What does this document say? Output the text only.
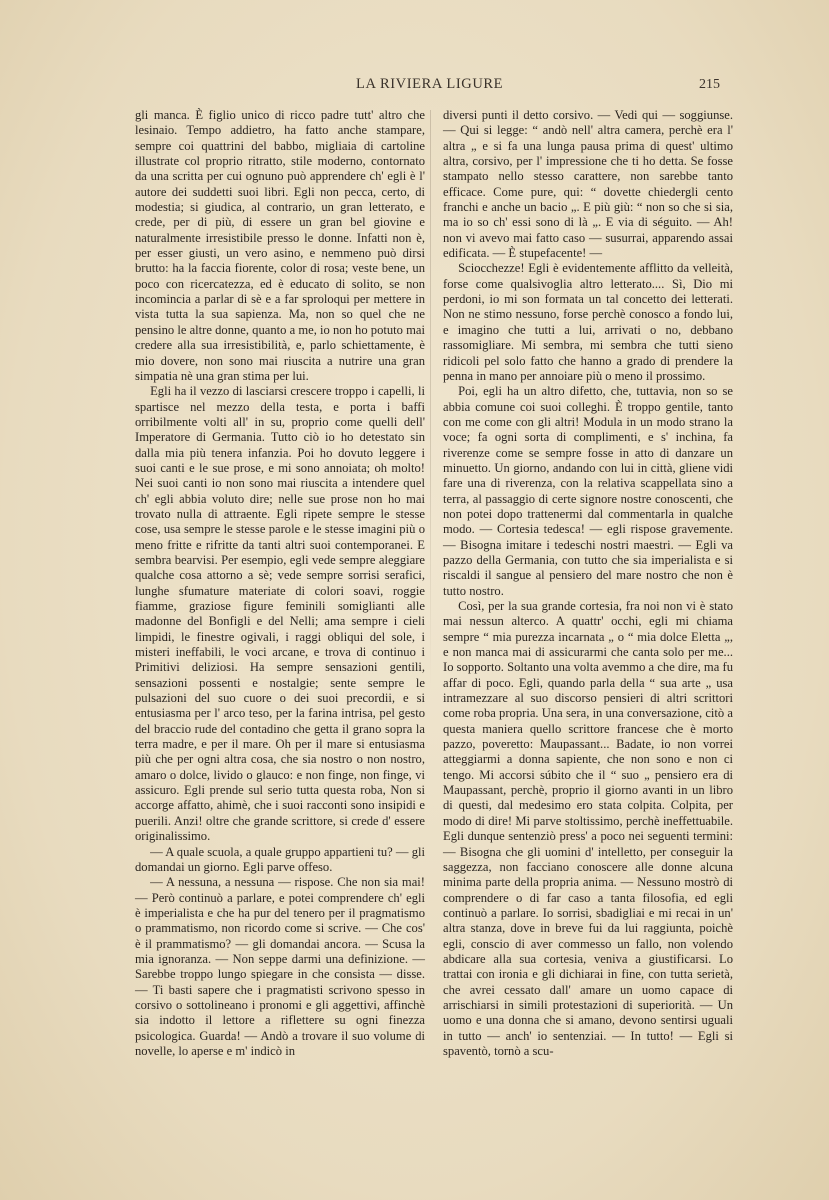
LA RIVIERA LIGURE	215

gli manca. È figlio unico di ricco padre tutt' altro che lesinaio. Tempo addietro, ha fatto anche stampare, sempre coi quattrini del babbo, migliaia di cartoline illustrate col proprio ritratto, stile moderno, contornato da una scritta per cui ognuno può apprendere ch' egli è l' autore dei suddetti suoi libri. Egli non pecca, certo, di modestia; si giudica, al contrario, un gran letterato, e crede, per di più, di essere un gran bel giovine e naturalmente irresistibile presso le donne. Infatti non è, per esser giusti, un vero asino, e nemmeno può dirsi brutto: ha la faccia fiorente, color di rosa; veste bene, un poco con ricercatezza, ed è educato di solito, se non incomincia a parlar di sè e a far sproloqui per mettere in vista tutta la sua sapienza. Ma, non so quel che ne pensino le altre donne, quanto a me, io non ho potuto mai credere alla sua irresistibilità, e, parlo schiettamente, è mio dovere, non sono mai riuscita a nutrire una gran simpatia nè una gran stima per lui.

Egli ha il vezzo di lasciarsi crescere troppo i capelli, li spartisce nel mezzo della testa, e porta i baffi orribilmente volti all' in su, proprio come quelli dell' Imperatore di Germania. Tutto ciò io ho detestato sin dalla mia più tenera infanzia. Poi ho dovuto leggere i suoi canti e le sue prose, e mi sono annoiata; oh molto! Nei suoi canti io non sono mai riuscita a intendere quel ch' egli abbia voluto dire; nelle sue prose non ho mai trovato nulla di attraente. Egli ripete sempre le stesse cose, usa sempre le stesse parole e le stesse imagini più o meno fritte e rifritte da tanti altri suoi contemporanei. E sembra bearvisi. Per esempio, egli vede sempre aleggiare qualche cosa attorno a sè; vede sempre sorrisi serafici, lunghe sfumature materiate di colori soavi, roggie fiamme, graziose figure feminili somiglianti alle madonne del Bonfigli e del Nelli; ama sempre i cieli limpidi, le finestre ogivali, i raggi obliqui del sole, i misteri ineffabili, le voci arcane, e trova di continuo i Primitivi deliziosi. Ha sempre sensazioni gentili, sensazioni possenti e nostalgie; sente sempre le pulsazioni del suo cuore o dei suoi precordii, e si entusiasma per l' arco teso, per la farina intrisa, pel gesto del braccio rude del contadino che getta il grano sopra la terra madre, e per il mare. Oh per il mare si entusiasma più che per ogni altra cosa, che sia nostro o non nostro, amaro o dolce, livido o glauco: e non finge, non finge, vi assicuro. Egli prende sul serio tutta questa roba, Non si accorge affatto, ahimè, che i suoi racconti sono insipidi e puerili. Anzi! oltre che grande scrittore, si crede d' essere originalissimo.

— A quale scuola, a quale gruppo appartieni tu? — gli domandai un giorno. Egli parve offeso.

— A nessuna, a nessuna — rispose. Che non sia mai! — Però continuò a parlare, e potei comprendere ch' egli è imperialista e che ha pur del tenero per il pragmatismo o prammatismo, non ricordo come si scrive. — Che cos' è il prammatismo? — gli domandai ancora. — Scusa la mia ignoranza. — Non seppe darmi una definizione. — Sarebbe troppo lungo spiegare in che consista — disse. — Ti basti sapere che i pragmatisti scrivono spesso in corsivo o sottolineano i pronomi e gli aggettivi, affinchè sia indotto il lettore a riflettere su ogni finezza psicologica. Guarda! — Andò a trovare il suo volume di novelle, lo aperse e m' indicò in

diversi punti il detto corsivo. — Vedi qui — soggiunse. — Qui si legge: “ andò nell' altra camera, perchè era l' altra „ e si fa una lunga pausa prima di quest' ultimo altra, corsivo, per l' impressione che ti ho detta. Se fosse stampato nello stesso carattere, non sarebbe tanto efficace. Come pure, qui: “ dovette chiedergli cento franchi e anche un bacio „. E più giù: “ non so che si sia, ma io so ch' essi sono di là „. E via di séguito. — Ah! non vi avevo mai fatto caso — susurrai, apparendo assai edificata. — È stupefacente! —

Sciocchezze! Egli è evidentemente afflitto da velleità, forse come qualsivoglia altro letterato.... Sì, Dio mi perdoni, io mi son formata un tal concetto dei letterati. Non ne stimo nessuno, forse perchè conosco a fondo lui, e imagino che tutti a lui, arrivati o no, debbano rassomigliare. Mi sembra, mi sembra che tutti sieno ridicoli pel solo fatto che hanno a grado di prendere la penna in mano per annoiare più o meno il prossimo.

Poi, egli ha un altro difetto, che, tuttavia, non so se abbia comune coi suoi colleghi. È troppo gentile, tanto con me come con gli altri! Modula in un modo strano la voce; fa ogni sorta di complimenti, e s' inchina, fa riverenze come se sempre fosse in atto di danzare un minuetto. Un giorno, andando con lui in città, gliene vidi fare una di riverenza, con la relativa scappellata sino a terra, al passaggio di certe signore nostre conoscenti, che non potei dopo trattenermi dal commentarla in qualche modo. — Cortesia tedesca! — egli rispose gravemente. — Bisogna imitare i tedeschi nostri maestri. — Egli va pazzo della Germania, con tutto che sia imperialista e si riscaldi il sangue al pensiero del mare nostro che non è tutto nostro.

Così, per la sua grande cortesia, fra noi non vi è stato mai nessun alterco. A quattr' occhi, egli mi chiama sempre “ mia purezza incarnata „ o “ mia dolce Eletta „, e non manca mai di assicurarmi che canta solo per me... Io sopporto. Soltanto una volta avemmo a che dire, ma fu affar di poco. Egli, quando parla della “ sua arte „ usa intramezzare al suo discorso pensieri di altri scrittori come roba propria. Una sera, in una conversazione, citò a questa maniera quello scrittore francese che è morto pazzo, poveretto: Maupassant... Badate, io non vorrei atteggiarmi a donna sapiente, che non sono e non ci tengo. Mi accorsi súbito che il “ suo „ pensiero era di Maupassant, perchè, proprio il giorno avanti in un libro di questi, dal medesimo ero stata colpita. Colpita, per modo di dire! Mi parve stoltissimo, perchè ineffettuabile. Egli dunque sentenziò press' a poco nei seguenti termini: — Bisogna che gli uomini d' intelletto, per conseguir la saggezza, non facciano conoscere alle donne alcuna minima parte della propria anima. — Nessuno mostrò di comprendere o di far caso a tanta filosofia, ed egli continuò a parlare. Io sorrisi, sbadigliai e mi recai in un' altra stanza, dove in breve fui da lui raggiunta, poichè egli, conscio di aver commesso un fallo, non volendo abdicare alla sua cortesia, veniva a giustificarsi. Lo trattai con ironia e gli dichiarai in fine, con tutta serietà, che avrei cessato dall' amare un uomo capace di arrischiarsi in simili protestazioni di superiorità. — Un uomo e una donna che si amano, devono sentirsi uguali in tutto — anch' io sentenziai. — In tutto! — Egli si spaventò, tornò a scu-
